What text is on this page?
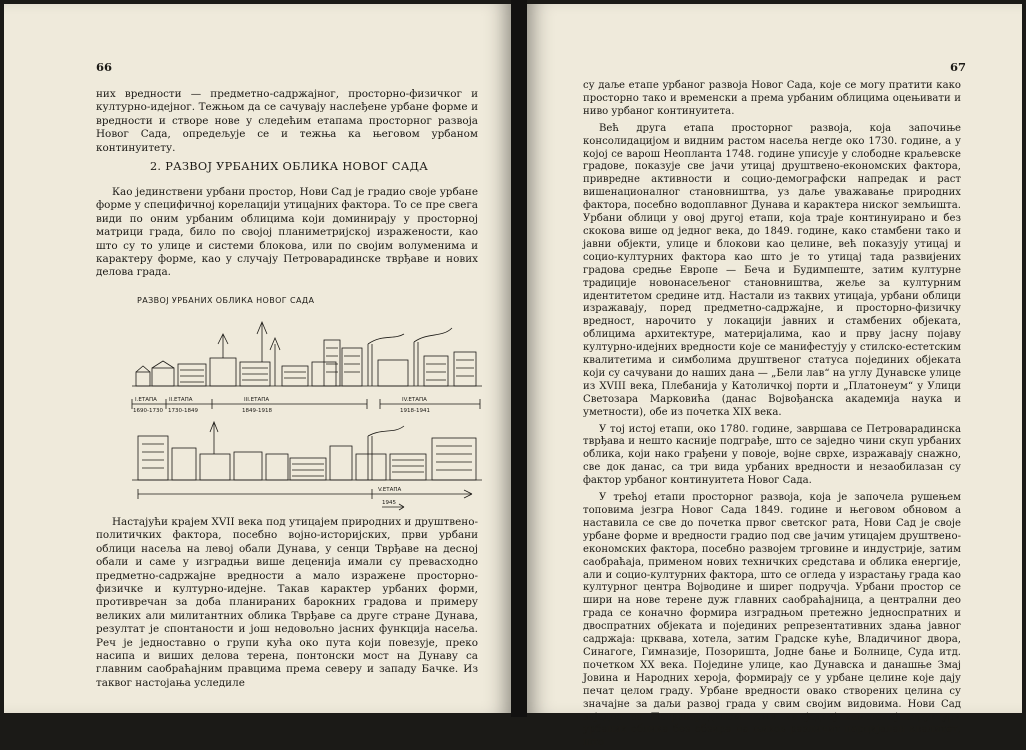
66

них вредности — предметно-садржајног, просторно-физичког и културно-идејног. Тежњом да се сачувају наслеђене урбане форме и вредности и створе нове у следећим етапама просторног развоја Новог Сада, опредељује се и тежња ка његовом урбаном континуитету.

2. РАЗВОЈ УРБАНИХ ОБЛИКА НОВОГ САДА

Као јединствени урбани простор, Нови Сад је градио своје урбане форме у специфичној корелацији утицајних фактора. То се пре свега види по оним урбаним облицима који доминирају у просторној матрици града, било по својој планиметријској изражености, као што су то улице и системи блокова, или по својим волуменима и карактеру форме, као у случају Петроварадинске тврђаве и нових делова града.

РАЗВОЈ УРБАНИХ ОБЛИКА НОВОГ САДА
I.ЕТАПА
1690-1730
II.ЕТАПА
1730-1849
III.ЕТАПА
1849-1918
IV.ЕТАПА
1918-1941
V.ЕТАПА
1945

Настајући крајем XVII века под утицајем природних и друштвено-политичких фактора, посебно војно-историјских, први урбани облици насеља на левој обали Дунава, у сенци Тврђаве на десној обали и саме у изградњи више деценија имали су превасходно предметно-садржајне вредности а мало изражене просторно-физичке и културно-идејне. Такав карактер урбаних форми, противречан за доба планираних барокних градова и примеру великих али милитантних облика Тврђаве са друге стране Дунава, резултат је спонтаности и још недовољно јасних функција насеља. Реч је једноставно о групи кућа око пута који повезује, преко насипа и виших делова терена, понтонски мост на Дунаву са главним саобраћајним правцима према северу и западу Бачке. Из таквог настојања уследиле

67

су даље етапе урбаног развоја Новог Сада, које се могу пратити како просторно тако и временски а према урбаним облицима оцењивати и ниво урбаног континуитета.

Већ друга етапа просторног развоја, која започиње консолидацијом и видним растом насеља негде око 1730. године, а у којој се варош Неопланта 1748. године уписује у слободне краљевске градове, показује све јачи утицај друштвено-економских фактора, привредне активности и социо-демографски напредак и раст вишенационалног становништва, уз даље уважавање природних фактора, посебно водоплавног Дунава и карактера ниског земљишта. Урбани облици у овој другој етапи, која траје континуирано и без скокова више од једног века, до 1849. године, како стамбени тако и јавни објекти, улице и блокови као целине, већ показују утицај и социо-културних фактора као што је то утицај тада развијених градова средње Европе — Беча и Будимпеште, затим културне традиције новонасељеног становништва, жеље за културним идентитетом средине итд. Настали из таквих утицаја, урбани облици изражавају, поред предметно-садржајне, и просторно-физичку вредност, нарочито у локацији јавних и стамбених објеката, облицима архитектуре, материјалима, као и прву јасну појаву културно-идејних вредности које се манифестују у стилско-естетским квалитетима и симболима друштвеног статуса појединих објеката који су сачувани до наших дана — „Бели лав“ на углу Дунавске улице из XVIII века, Плебанија у Католичкој порти и „Платонеум“ у Улици Светозара Марковића (данас Војвођанска академија наука и уметности), обе из почетка XIX века.

У тој истој етапи, око 1780. године, завршава се Петроварадинска тврђава и нешто касније подграђе, што се заједно чини скуп урбаних облика, који нако грађени у повоје, војне сврхе, изражавају снажно, све док данас, са три вида урбаних вредности и незаобилазан су фактор урбаног континуитета Новог Сада.

У трећој етапи просторног развоја, која је започела рушењем топовима језгра Новог Сада 1849. године и његовом обновом а наставила се све до почетка првог светског рата, Нови Сад је своје урбане форме и вредности градио под све јачим утицајем друштвено-економских фактора, посебно развојем трговине и индустрије, затим саобраћаја, применом нових техничких средстава и облика енергије, али и социо-културних фактора, што се огледа у израстању града као културног центра Војводине и ширег подручја. Урбани простор се шири на нове терене дуж главних саобраћајница, а централни део града се коначно формира изградњом претежно једноспратних и двоспратних објеката и појединих репрезентативних здања јавног садржаја: црквава, хотела, затим Градске куће, Владичиног двора, Синагоге, Гимназије, Позоришта, Јодне бање и Болнице, Суда итд. почетком XX века. Појединe улице, као Дунавска и данашње Змај Јовина и Народних хероја, формирају се у урбане целине које дају печат целом граду. Урбане вредности овако створених целина су значајне за даљи развој града у свим својим видовима. Нови Сад заједно са Петроварадином тежи ка једној хомогеној структури урбаних облика без обзира на њихов различит парцијалан квалитет, што
